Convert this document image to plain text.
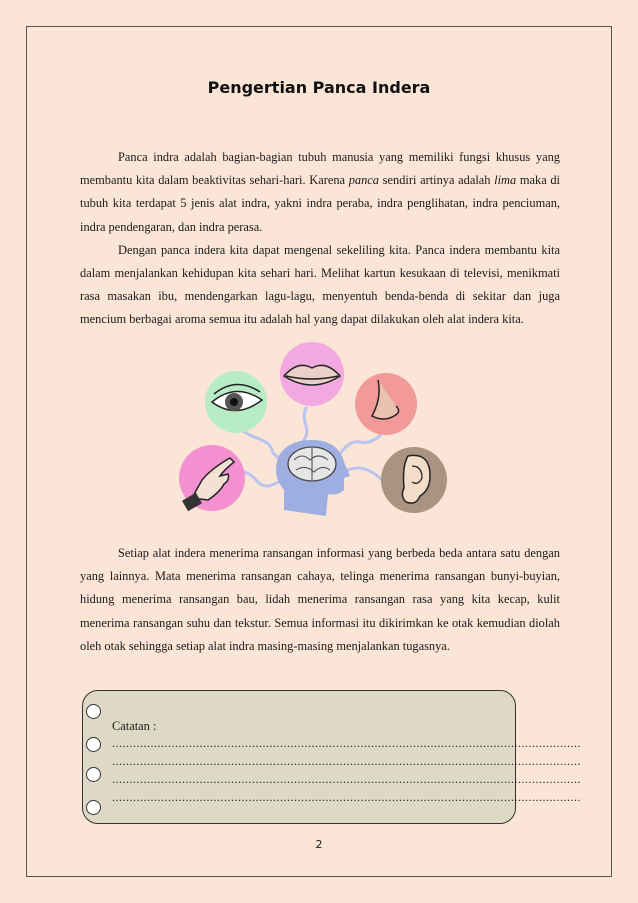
Pengertian Panca Indera

Panca indra adalah bagian-bagian tubuh manusia yang memiliki fungsi khusus yang membantu kita dalam beaktivitas sehari-hari. Karena panca sendiri artinya adalah lima maka di tubuh kita terdapat 5 jenis alat indra, yakni indra peraba, indra penglihatan, indra penciuman, indra pendengaran, dan indra perasa.

Dengan panca indera kita dapat mengenal sekeliling kita. Panca indera membantu kita dalam menjalankan kehidupan kita sehari hari. Melihat kartun kesukaan di televisi, menikmati rasa masakan ibu, mendengarkan lagu-lagu, menyentuh benda-benda di sekitar dan juga mencium berbagai aroma semua itu adalah hal yang dapat dilakukan oleh alat indera kita.

Setiap alat indera menerima ransangan informasi yang berbeda beda antara satu dengan yang lainnya. Mata menerima ransangan cahaya, telinga menerima ransangan bunyi-buyian, hidung menerima ransangan bau, lidah menerima ransangan rasa yang kita kecap, kulit menerima ransangan suhu dan tekstur. Semua informasi itu dikirimkan ke otak kemudian diolah oleh otak sehingga setiap alat indra masing-masing menjalankan tugasnya.

Catatan :
......................................................................................................................................
......................................................................................................................................
......................................................................................................................................
......................................................................................................................................
2
